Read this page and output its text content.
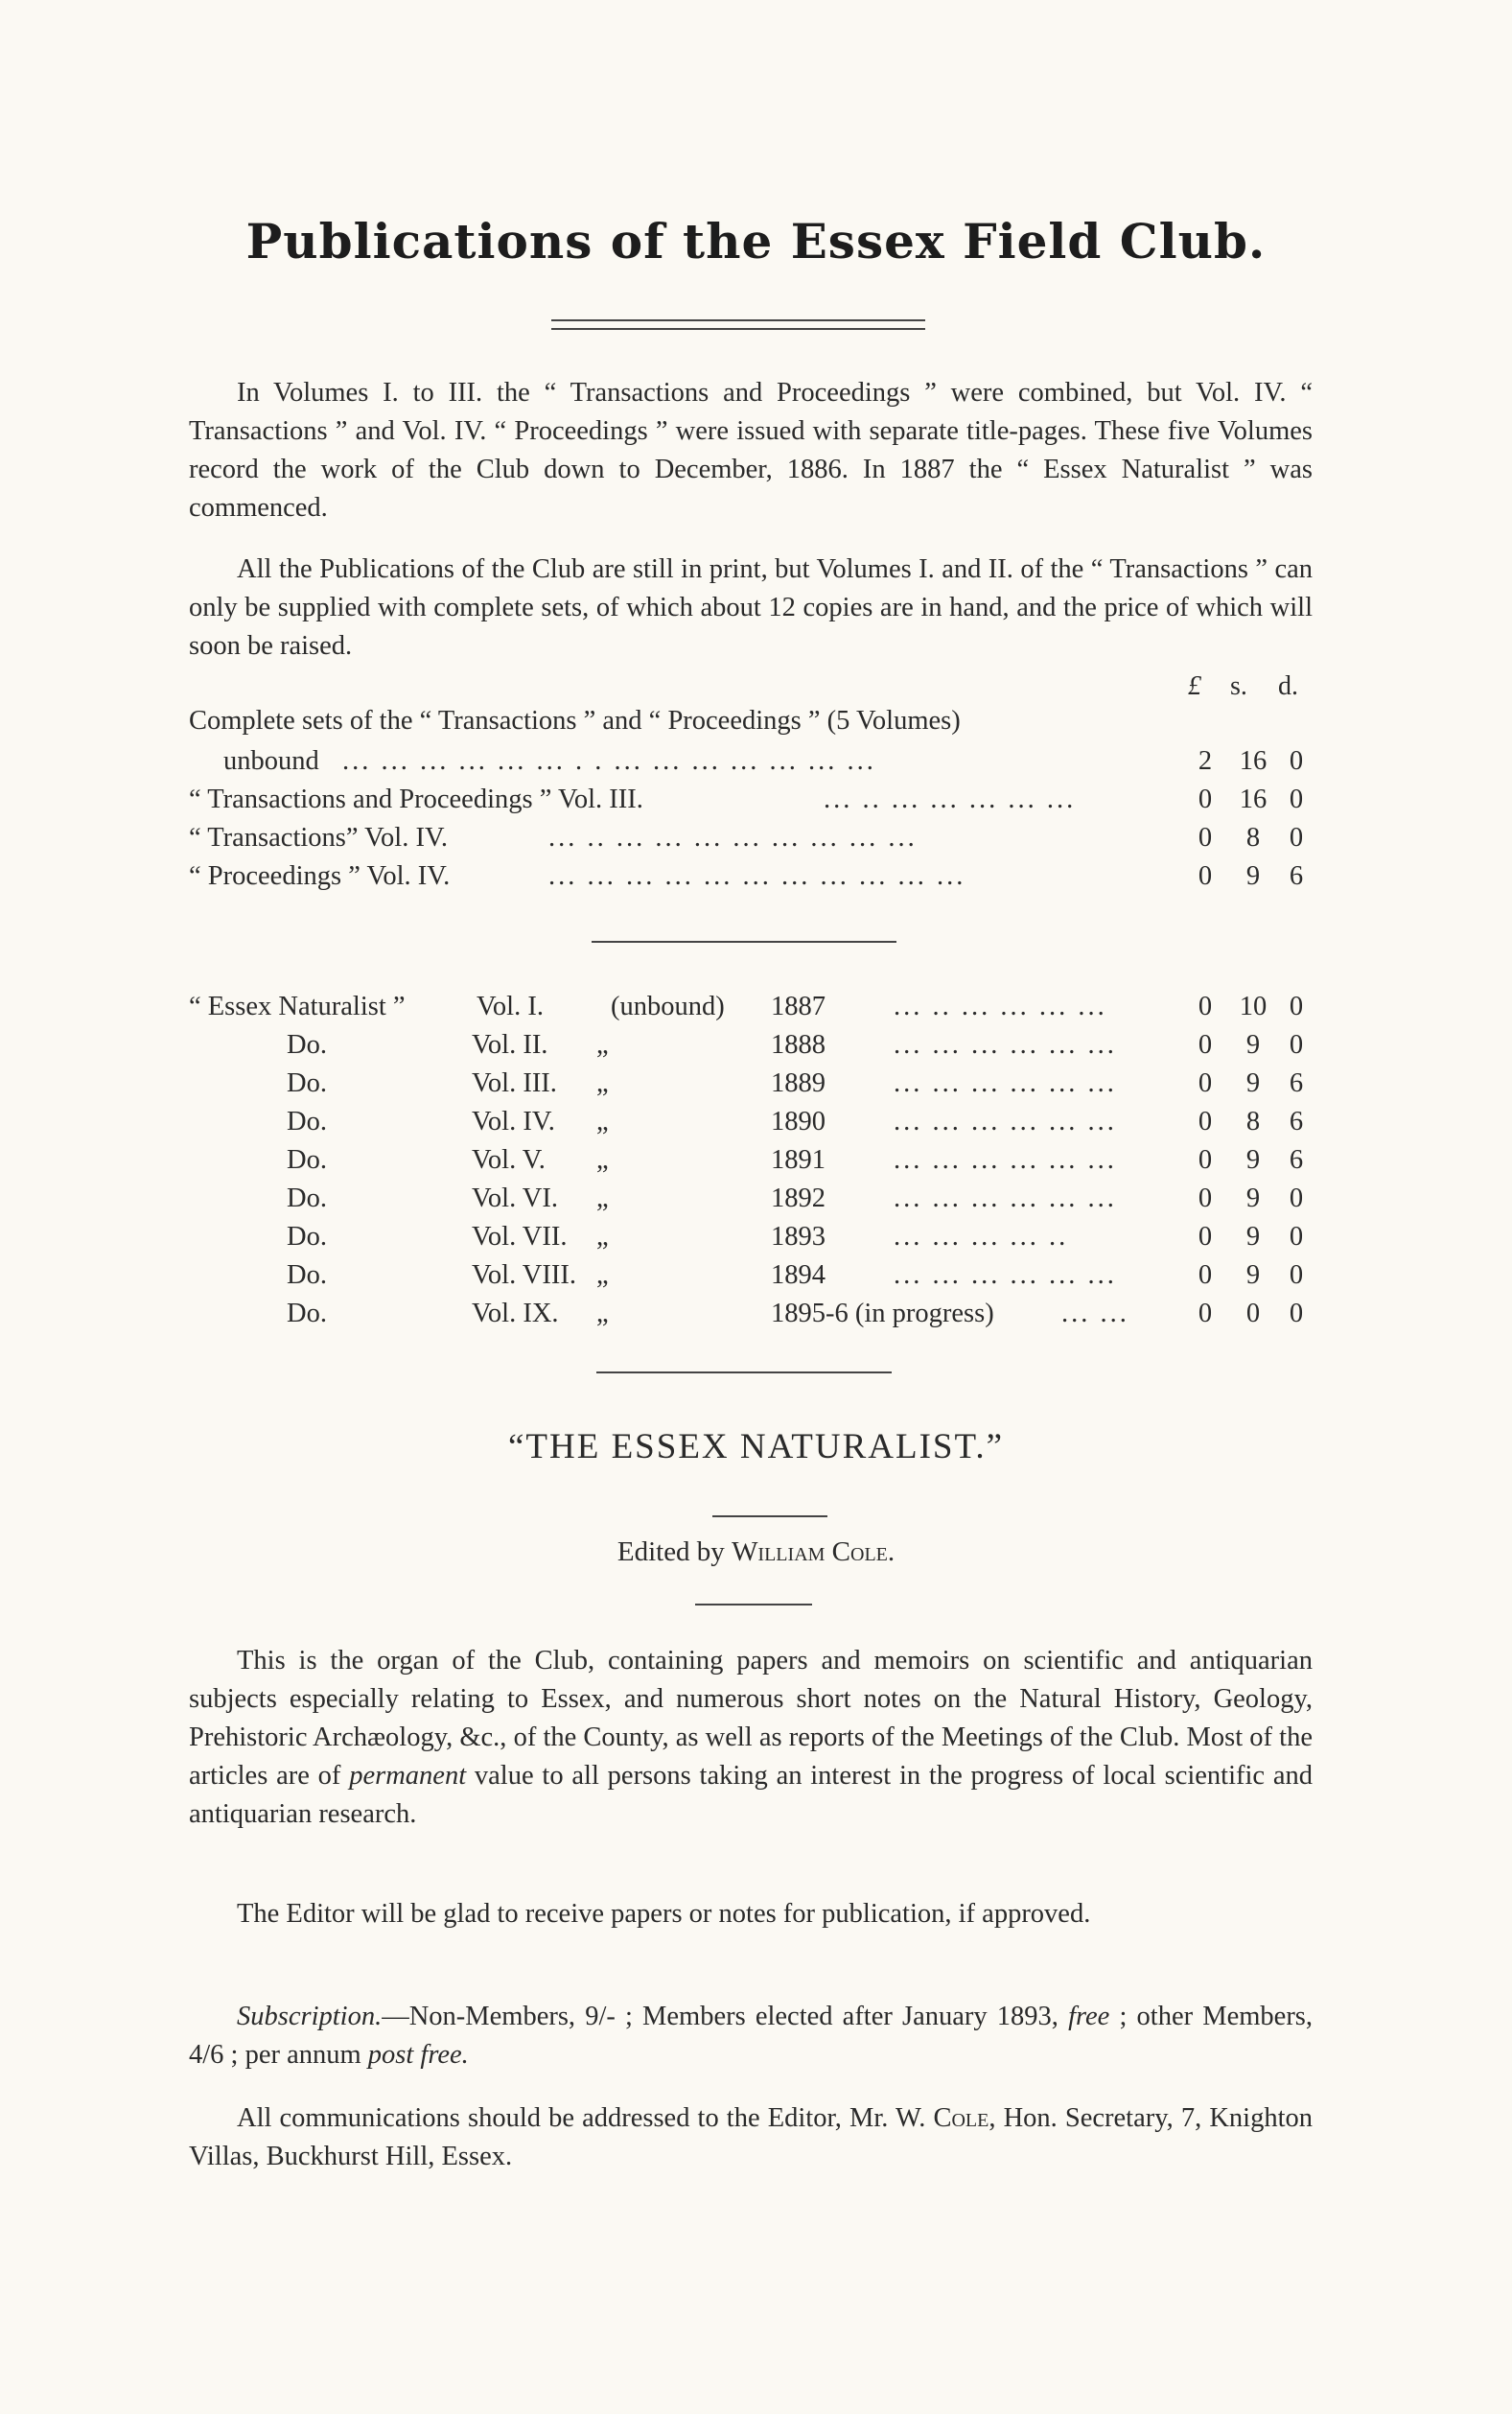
Publications of the Essex Field Club.

In Volumes I. to III. the “ Transactions and Proceedings ” were combined, but Vol. IV. “ Transactions ” and Vol. IV. “ Proceedings ” were issued with separate title-pages. These five Volumes record the work of the Club down to December, 1886. In 1887 the “ Essex Naturalist ” was commenced.

All the Publications of the Club are still in print, but Volumes I. and II. of the “ Transactions ” can only be supplied with complete sets, of which about 12 copies are in hand, and the price of which will soon be raised.

£ s. d.
Complete sets of the “ Transactions ” and “ Proceedings ” (5 Volumes)
unbound ... ... ... ... ... ... . . ... ... ... ... ... ... ...	2 16 0
“ Transactions and Proceedings ” Vol. III.	... .. ... ... ... ... ...	0 16 0
“ Transactions” Vol. IV.	... .. ... ... ... ... ... ... ... ...	0	8	0
“ Proceedings ” Vol. IV.	... ... ... ... ... ... ... ... ... ... ...	0	9	6
“ Essex Naturalist ”	Vol. I. (unbound) 1887 ... .. ... ... ... ...	0 10 0
Do.	Vol. II. „	1888 ... ... ... ... ... ...	0	9	0
Do.	Vol. III. „	1889 ... ... ... ... ... ...	0	9	6
Do.	Vol. IV. „	1890 ... ... ... ... ... ...	0	8	6
Do.	Vol. V. „	1891 ... ... ... ... ... ...	0	9	6
Do.	Vol. VI. „	1892 ... ... ... ... ... ...	0	9	0
Do.	Vol. VII. „	1893 ... ... ... ... ..	0	9	0
Do.	Vol. VIII. „	1894 ... ... ... ... ... ...	0	9	0
Do.	Vol. IX. „	1895-6 (in progress) ... ...	0	0	0
“THE ESSEX NATURALIST.”
Edited by William Cole.

This is the organ of the Club, containing papers and memoirs on scientific and antiquarian subjects especially relating to Essex, and numerous short notes on the Natural History, Geology, Prehistoric Archæology, &c., of the County, as well as reports of the Meetings of the Club. Most of the articles are of permanent value to all persons taking an interest in the progress of local scientific and antiquarian research.

The Editor will be glad to receive papers or notes for publication, if approved.

Subscription.—Non-Members, 9/- ; Members elected after January 1893, free ; other Members, 4/6 ; per annum post free.

All communications should be addressed to the Editor, Mr. W. Cole, Hon. Secretary, 7, Knighton Villas, Buckhurst Hill, Essex.
